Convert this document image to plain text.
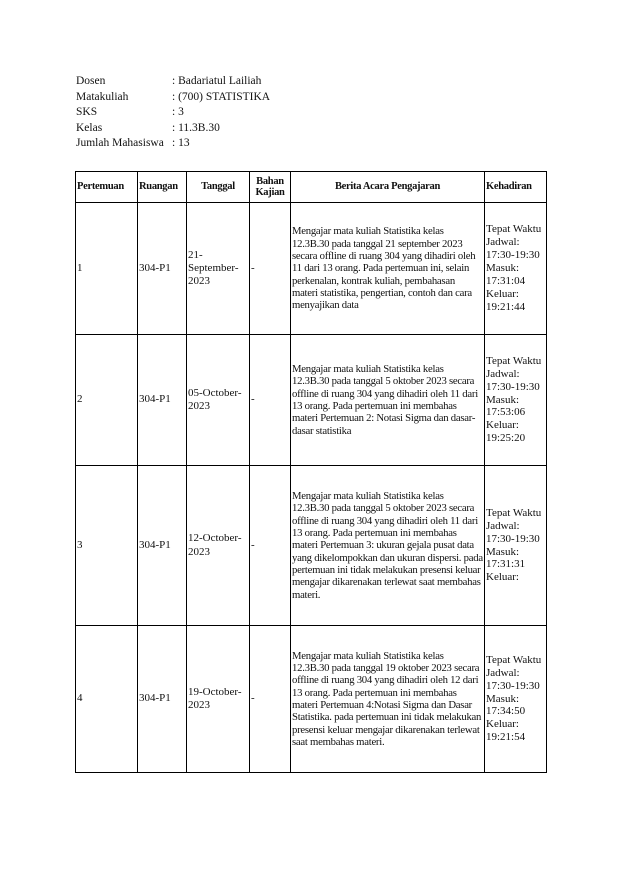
Dosen	: Badariatul Lailiah
Matakuliah	: (700) STATISTIKA
SKS	: 3
Kelas	: 11.3B.30
Jumlah Mahasiswa : 13
Pertemuan	Ruangan	Tanggal	Bahan Kajian	Berita Acara Pengajaran	Kehadiran
1	304-P1	21-September-2023	-	Mengajar mata kuliah Statistika kelas 12.3B.30 pada tanggal 21 september 2023 secara offline di ruang 304 yang dihadiri oleh 11 dari 13 orang. Pada pertemuan ini, selain perkenalan, kontrak kuliah, pembahasan materi statistika, pengertian, contoh dan cara menyajikan data	Tepat Waktu Jadwal: 17:30-19:30 Masuk: 17:31:04 Keluar: 19:21:44
2	304-P1	05-October-2023	-	Mengajar mata kuliah Statistika kelas 12.3B.30 pada tanggal 5 oktober 2023 secara offline di ruang 304 yang dihadiri oleh 11 dari 13 orang. Pada pertemuan ini membahas materi Pertemuan 2: Notasi Sigma dan dasar-dasar statistika	Tepat Waktu Jadwal: 17:30-19:30 Masuk: 17:53:06 Keluar: 19:25:20
3	304-P1	12-October-2023	-	Mengajar mata kuliah Statistika kelas 12.3B.30 pada tanggal 5 oktober 2023 secara offline di ruang 304 yang dihadiri oleh 11 dari 13 orang. Pada pertemuan ini membahas materi Pertemuan 3: ukuran gejala pusat data yang dikelompokkan dan ukuran dispersi. pada pertemuan ini tidak melakukan presensi keluar mengajar dikarenakan terlewat saat membahas materi.	Tepat Waktu Jadwal: 17:30-19:30 Masuk: 17:31:31 Keluar:
4	304-P1	19-October-2023	-	Mengajar mata kuliah Statistika kelas 12.3B.30 pada tanggal 19 oktober 2023 secara offline di ruang 304 yang dihadiri oleh 12 dari 13 orang. Pada pertemuan ini membahas materi Pertemuan 4:Notasi Sigma dan Dasar Statistika. pada pertemuan ini tidak melakukan presensi keluar mengajar dikarenakan terlewat saat membahas materi.	Tepat Waktu Jadwal: 17:30-19:30 Masuk: 17:34:50 Keluar: 19:21:54
